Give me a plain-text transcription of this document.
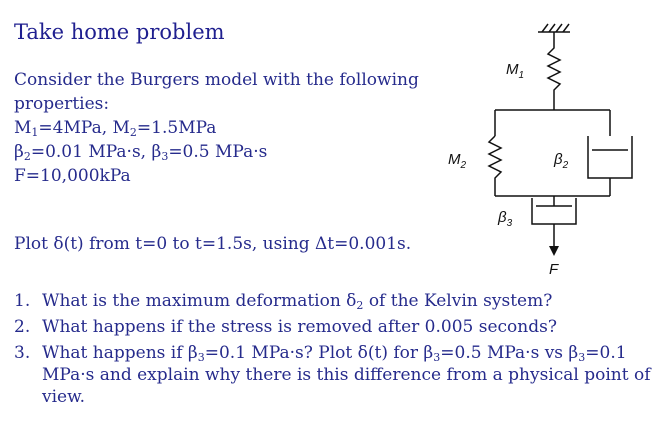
Take home problem
Consider the Burgers model with the following
properties:
$M_1=4MPa$, $M_2=1.5MPa$
$\beta_2=0.01$ MPa·s, $\beta_3=0.5$ MPa·s
F=10,000kPa
Plot δ(t) from t=0 to t=1.5s, using Δt=0.001s.
1. What is the maximum deformation $\delta_2$ of the Kelvin system?
2. What happens if the stress is removed after 0.005 seconds?
3. What happens if $\beta_3=0.1$ MPa·s? Plot δ(t) for $\beta_3=0.5$ MPa·s vs $\beta_3=0.1$ MPa·s and explain why there is this difference from a physical point of view.
$M_1$
$M_2$	$\beta_2$
$\beta_3$
F
